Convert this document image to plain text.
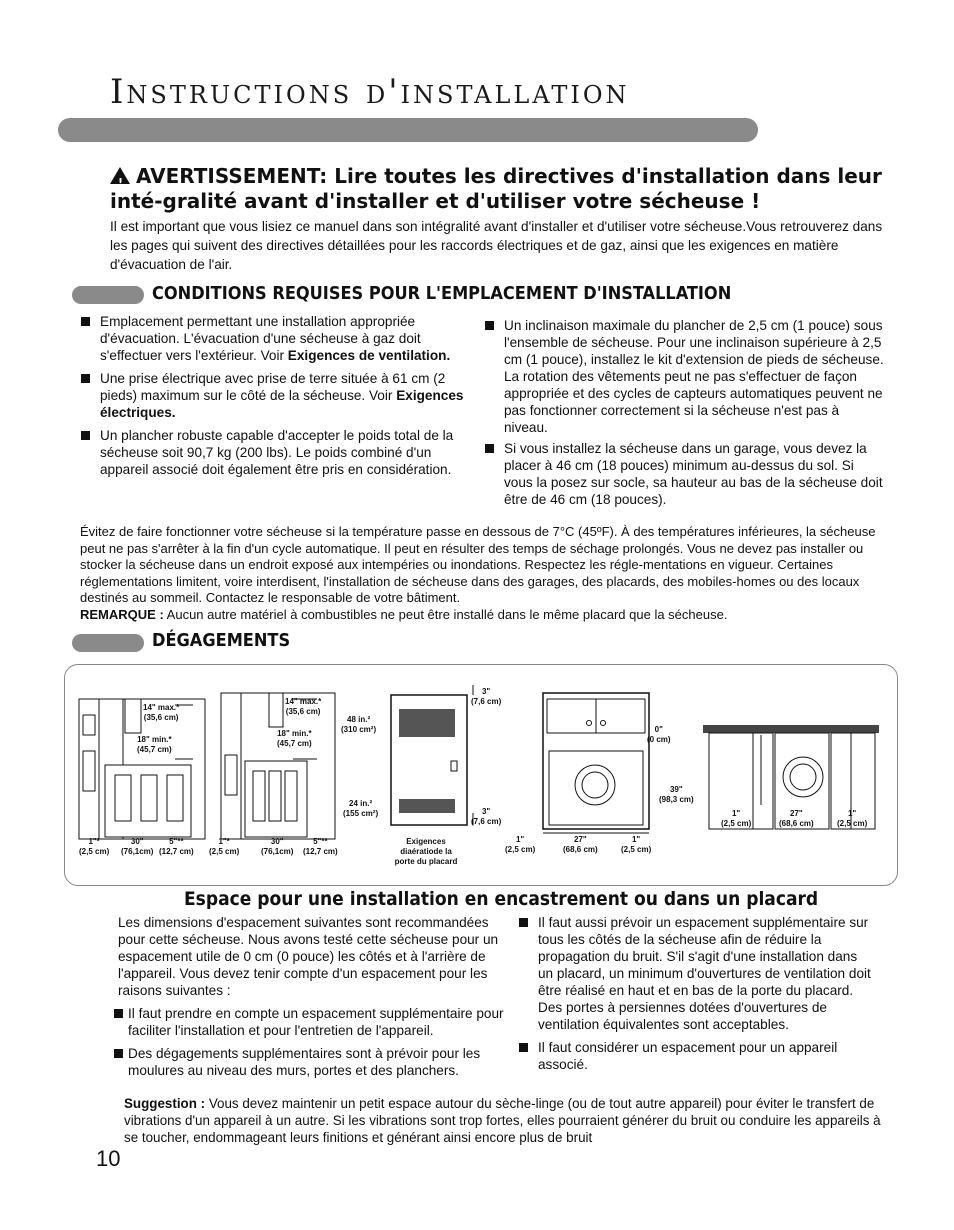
Instructions d'installation
!AVERTISSEMENT: Lire toutes les directives d'installation dans leur inté-gralité avant d'installer et d'utiliser votre sécheuse !
Il est important que vous lisiez ce manuel dans son intégralité avant d'installer et d'utiliser votre sécheuse.Vous retrouverez dans les pages qui suivent des directives détaillées pour les raccords électriques et de gaz, ainsi que les exigences en matière d'évacuation de l'air.
CONDITIONS REQUISES POUR L'EMPLACEMENT D'INSTALLATION
Emplacement permettant une installation appropriée d'évacuation. L'évacuation d'une sécheuse à gaz doit s'effectuer vers l'extérieur. Voir Exigences de ventilation.
Une prise électrique avec prise de terre située à 61 cm (2 pieds) maximum sur le côté de la sécheuse. Voir Exigences électriques.
Un plancher robuste capable d'accepter le poids total de la sécheuse soit 90,7 kg (200 lbs). Le poids combiné d'un appareil associé doit également être pris en considération.
Un inclinaison maximale du plancher de 2,5 cm (1 pouce) sous l'ensemble de sécheuse. Pour une inclinaison supérieure à 2,5 cm (1 pouce), installez le kit d'extension de pieds de sécheuse. La rotation des vêtements peut ne pas s'effectuer de façon appropriée et des cycles de capteurs automatiques peuvent ne pas fonctionner correctement si la sécheuse n'est pas à niveau.
Si vous installez la sécheuse dans un garage, vous devez la placer à 46 cm (18 pouces) minimum au-dessus du sol. Si vous la posez sur socle, sa hauteur au bas de la sécheuse doit être de 46 cm (18 pouces).
Évitez de faire fonctionner votre sécheuse si la température passe en dessous de 7°C (45ºF). À des températures inférieures, la sécheuse peut ne pas s'arrêter à la fin d'un cycle automatique. Il peut en résulter des temps de séchage prolongés. Vous ne devez pas installer ou stocker la sécheuse dans un endroit exposé aux intempéries ou inondations. Respectez les régle-mentations en vigueur. Certaines réglementations limitent, voire interdisent, l'installation de sécheuse dans des garages, des placards, des mobiles-homes ou des locaux destinés au sommeil. Contactez le responsable de votre bâtiment.
REMARQUE : Aucun autre matériel à combustibles ne peut être installé dans le même placard que la sécheuse.
DÉGAGEMENTS
14" max.*
(35,6 cm)
18" min.*
(45,7 cm)
1"*
(2,5 cm)
30"
(76,1cm)
5"**
(12,7 cm)
14" max.*
(35,6 cm)
18" min.*
(45,7 cm)
1"*
(2,5 cm)
30"
(76,1cm)
5"**
(12,7 cm)
48 in.²
(310 cm²)
24 in.²
(155 cm²)
3"
(7,6 cm)
3"
(7,6 cm)
Exigences
diaératiode la
porte du placard
1"
(2,5 cm)
27"
(68,6 cm)
1"
(2,5 cm)
0"
(0 cm)
39"
(98,3 cm)
1"
(2,5 cm)
27"
(68,6 cm)
1"
(2,5 cm)
Espace pour une installation en encastrement ou dans un placard
Les dimensions d'espacement suivantes sont recommandées pour cette sécheuse. Nous avons testé cette sécheuse pour un espacement utile de 0 cm (0 pouce) les côtés et à l'arrière de l'appareil. Vous devez tenir compte d'un espacement pour les raisons suivantes :
Il faut prendre en compte un espacement supplémentaire pour faciliter l'installation et pour l'entretien de l'appareil.
Des dégagements supplémentaires sont à prévoir pour les moulures au niveau des murs, portes et des planchers.
Il faut aussi prévoir un espacement supplémentaire sur tous les côtés de la sécheuse afin de réduire la propagation du bruit. S'il s'agit d'une installation dans un placard, un minimum d'ouvertures de ventilation doit être réalisé en haut et en bas de la porte du placard. Des portes à persiennes dotées d'ouvertures de ventilation équivalentes sont acceptables.
Il faut considérer un espacement pour un appareil associé.
Suggestion : Vous devez maintenir un petit espace autour du sèche-linge (ou de tout autre appareil) pour éviter le transfert de vibrations d'un appareil à un autre. Si les vibrations sont trop fortes, elles pourraient générer du bruit ou conduire les appareils à se toucher, endommageant leurs finitions et générant ainsi encore plus de bruit
10
